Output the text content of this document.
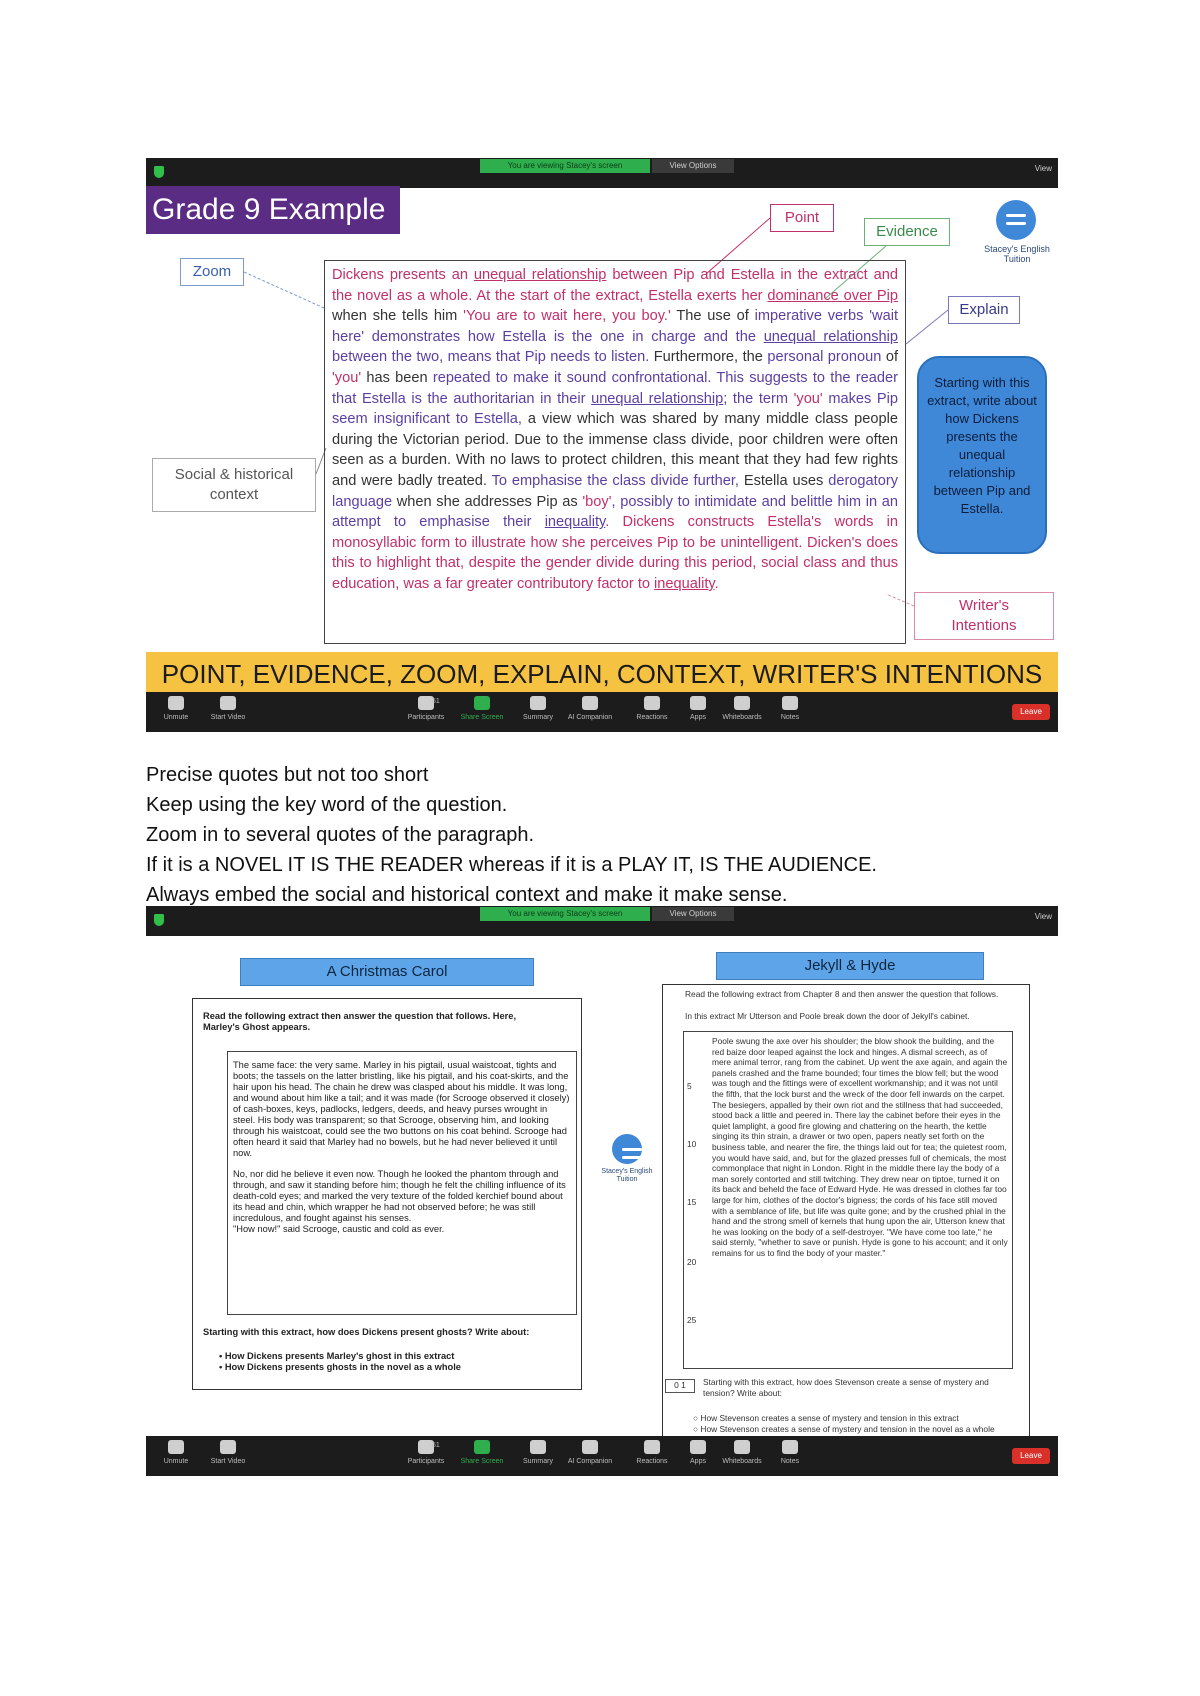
You are viewing Stacey's screen	View Options	View
Grade 9 Example	Point
Evidence
Zoom
Explain
Social & historical context
Writer's Intentions
Stacey's English Tuition
Dickens presents an unequal relationship between Pip and Estella in the extract and the novel as a whole. At the start of the extract, Estella exerts her dominance over Pip when she tells him 'You are to wait here, you boy.' The use of imperative verbs 'wait here' demonstrates how Estella is the one in charge and the unequal relationship between the two, means that Pip needs to listen. Furthermore, the personal pronoun of 'you' has been repeated to make it sound confrontational. This suggests to the reader that Estella is the authoritarian in their unequal relationship; the term 'you' makes Pip seem insignificant to Estella, a view which was shared by many middle class people during the Victorian period. Due to the immense class divide, poor children were often seen as a burden. With no laws to protect children, this meant that they had few rights and were badly treated. To emphasise the class divide further, Estella uses derogatory language when she addresses Pip as 'boy', possibly to intimidate and belittle him in an attempt to emphasise their inequality. Dickens constructs Estella's words in monosyllabic form to illustrate how she perceives Pip to be unintelligent. Dicken's does this to highlight that, despite the gender divide during this period, social class and thus education, was a far greater contributory factor to inequality.
Starting with this extract, write about how Dickens presents the unequal relationship between Pip and Estella.
POINT, EVIDENCE, ZOOM, EXPLAIN, CONTEXT, WRITER'S INTENTIONS
Unmute	Start Video	Participants	Share Screen	Summary	AI Companion	Reactions	Apps	Whiteboards	Notes
51
Leave
Precise quotes but not too short
Keep using the key word of the question.
Zoom in to several quotes of the paragraph.
If it is a NOVEL IT IS THE READER whereas if it is a PLAY IT, IS THE AUDIENCE.
Always embed the social and historical context and make it make sense.
You are viewing Stacey's screen	View Options	View
A Christmas Carol
Read the following extract then answer the question that follows. Here, Marley's Ghost appears.
The same face: the very same. Marley in his pigtail, usual waistcoat, tights and boots; the tassels on the latter bristling, like his pigtail, and his coat-skirts, and the hair upon his head. The chain he drew was clasped about his middle. It was long, and wound about him like a tail; and it was made (for Scrooge observed it closely) of cash-boxes, keys, padlocks, ledgers, deeds, and heavy purses wrought in steel. His body was transparent; so that Scrooge, observing him, and looking through his waistcoat, could see the two buttons on his coat behind. Scrooge had often heard it said that Marley had no bowels, but he had never believed it until now.
No, nor did he believe it even now. Though he looked the phantom through and through, and saw it standing before him; though he felt the chilling influence of its death-cold eyes; and marked the very texture of the folded kerchief bound about its head and chin, which wrapper he had not observed before; he was still incredulous, and fought against his senses.
"How now!" said Scrooge, caustic and cold as ever.
Starting with this extract, how does Dickens present ghosts? Write about:
• How Dickens presents Marley's ghost in this extract
• How Dickens presents ghosts in the novel as a whole
Stacey's English Tuition
Jekyll & Hyde
Read the following extract from Chapter 8 and then answer the question that follows.
In this extract Mr Utterson and Poole break down the door of Jekyll's cabinet.
5
10
15
20
25
Poole swung the axe over his shoulder; the blow shook the building, and the red baize door leaped against the lock and hinges. A dismal screech, as of mere animal terror, rang from the cabinet. Up went the axe again, and again the panels crashed and the frame bounded; four times the blow fell; but the wood was tough and the fittings were of excellent workmanship; and it was not until the fifth, that the lock burst and the wreck of the door fell inwards on the carpet. The besiegers, appalled by their own riot and the stillness that had succeeded, stood back a little and peered in. There lay the cabinet before their eyes in the quiet lamplight, a good fire glowing and chattering on the hearth, the kettle singing its thin strain, a drawer or two open, papers neatly set forth on the business table, and nearer the fire, the things laid out for tea; the quietest room, you would have said, and, but for the glazed presses full of chemicals, the most commonplace that night in London. Right in the middle there lay the body of a man sorely contorted and still twitching. They drew near on tiptoe, turned it on its back and beheld the face of Edward Hyde. He was dressed in clothes far too large for him, clothes of the doctor's bigness; the cords of his face still moved with a semblance of life, but life was quite gone; and by the crushed phial in the hand and the strong smell of kernels that hung upon the air, Utterson knew that he was looking on the body of a self-destroyer. "We have come too late," he said sternly, "whether to save or punish. Hyde is gone to his account; and it only remains for us to find the body of your master."
0 1	Starting with this extract, how does Stevenson create a sense of mystery and tension? Write about:
○ How Stevenson creates a sense of mystery and tension in this extract
○ How Stevenson creates a sense of mystery and tension in the novel as a whole
Unmute	Start Video	Participants	Share Screen	Summary	AI Companion	Reactions	Apps	Whiteboards	Notes
51
Leave
